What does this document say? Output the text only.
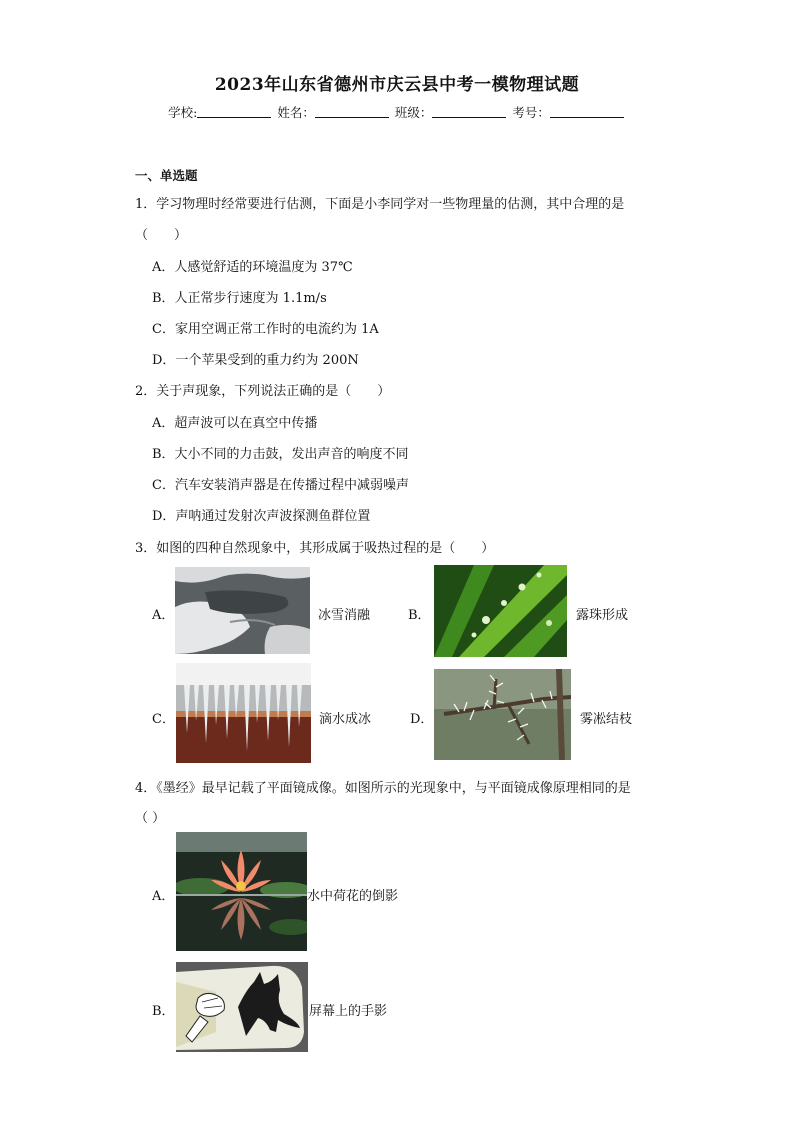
2023年山东省德州市庆云县中考一模物理试题
学校:	姓名：	班级：	考号：
一、单选题
1．学习物理时经常要进行估测，下面是小李同学对一些物理量的估测，其中合理的是
（　　）
A．人感觉舒适的环境温度为 37℃
B．人正常步行速度为 1.1m/s
C．家用空调正常工作时的电流约为 1A
D．一个苹果受到的重力约为 200N
2．关于声现象，下列说法正确的是（　　）
A．超声波可以在真空中传播
B．大小不同的力击鼓，发出声音的响度不同
C．汽车安装消声器是在传播过程中减弱噪声
D．声呐通过发射次声波探测鱼群位置
3．如图的四种自然现象中，其形成属于吸热过程的是（　　）
A．	冰雪消融	B．	露珠形成
C．	滴水成冰	D．	雾凇结枝
4．《墨经》最早记载了平面镜成像。如图所示的光现象中，与平面镜成像原理相同的是
（ ）
A．	水中荷花的倒影
B．	屏幕上的手影
